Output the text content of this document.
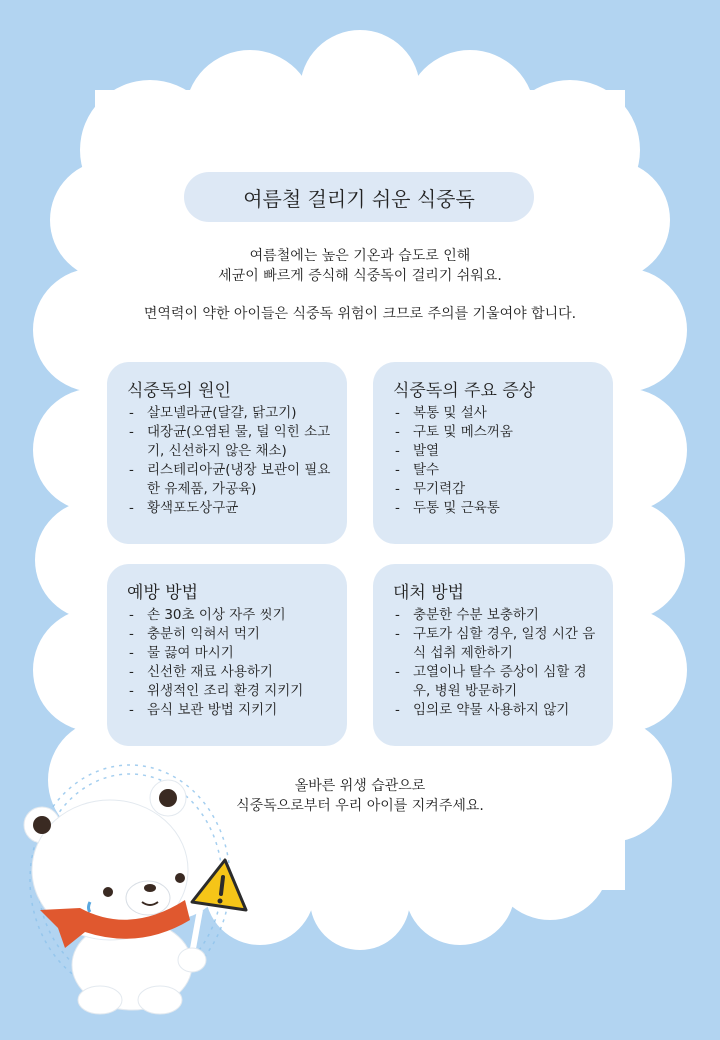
여름철 걸리기 쉬운 식중독

여름철에는 높은 기온과 습도로 인해

세균이 빠르게 증식해 식중독이 걸리기 쉬워요.

면역력이 약한 아이들은 식중독 위험이 크므로 주의를 기울여야 합니다.

식중독의 원인
- 살모넬라균(달걀, 닭고기)
- 대장균(오염된 물, 덜 익힌 소고기, 신선하지 않은 채소)
- 리스테리아균(냉장 보관이 필요한 유제품, 가공육)
- 황색포도상구균
식중독의 주요 증상
- 복통 및 설사
- 구토 및 메스꺼움
- 발열
- 탈수
- 무기력감
- 두통 및 근육통
예방 방법
- 손 30초 이상 자주 씻기
- 충분히 익혀서 먹기
- 물 끓여 마시기
- 신선한 재료 사용하기
- 위생적인 조리 환경 지키기
- 음식 보관 방법 지키기
대처 방법
- 충분한 수분 보충하기
- 구토가 심할 경우, 일정 시간 음식 섭취 제한하기
- 고열이나 탈수 증상이 심할 경우, 병원 방문하기
- 임의로 약물 사용하지 않기

올바른 위생 습관으로

식중독으로부터 우리 아이를 지켜주세요.
